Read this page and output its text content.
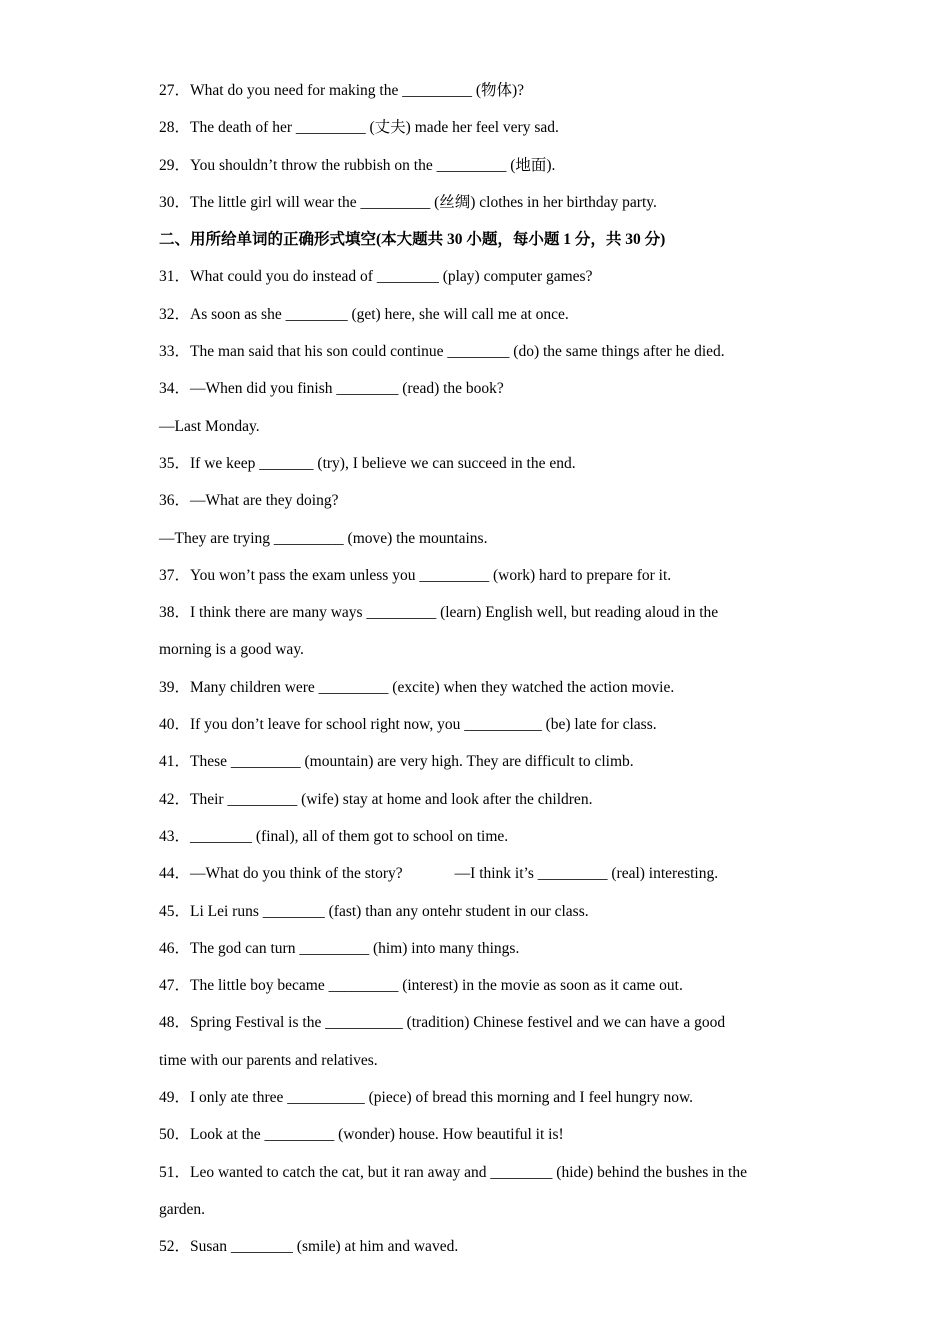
27．What do you need for making the _________ (物体)?
28．The death of her _________ (丈夫) made her feel very sad.
29．You shouldn’t throw the rubbish on the _________ (地面).
30．The little girl will wear the _________ (丝绸) clothes in her birthday party.
二、用所给单词的正确形式填空(本大题共 30 小题，每小题 1 分，共 30 分)
31．What could you do instead of ________ (play) computer games?
32．As soon as she ________ (get) here, she will call me at once.
33．The man said that his son could continue ________ (do) the same things after he died.
34．—When did you finish ________ (read) the book?
—Last Monday.
35．If we keep _______ (try), I believe we can succeed in the end.
36．—What are they doing?
—They are trying _________ (move) the mountains.
37．You won’t pass the exam unless you _________ (work) hard to prepare for it.
38．I think there are many ways _________ (learn) English well, but reading aloud in the
morning is a good way.
39．Many children were _________ (excite) when they watched the action movie.
40．If you don’t leave for school right now, you __________ (be) late for class.
41．These _________ (mountain) are very high. They are difficult to climb.
42．Their _________ (wife) stay at home and look after the children.
43．________ (final), all of them got to school on time.
44．—What do you think of the story?	—I think it’s _________ (real) interesting.
45．Li Lei runs ________ (fast) than any ontehr student in our class.
46．The god can turn _________ (him) into many things.
47．The little boy became _________ (interest) in the movie as soon as it came out.
48．Spring Festival is the __________ (tradition) Chinese festivel and we can have a good
time with our parents and relatives.
49．I only ate three __________ (piece) of bread this morning and I feel hungry now.
50．Look at the _________ (wonder) house. How beautiful it is!
51．Leo wanted to catch the cat, but it ran away and ________ (hide) behind the bushes in the
garden.
52．Susan ________ (smile) at him and waved.
